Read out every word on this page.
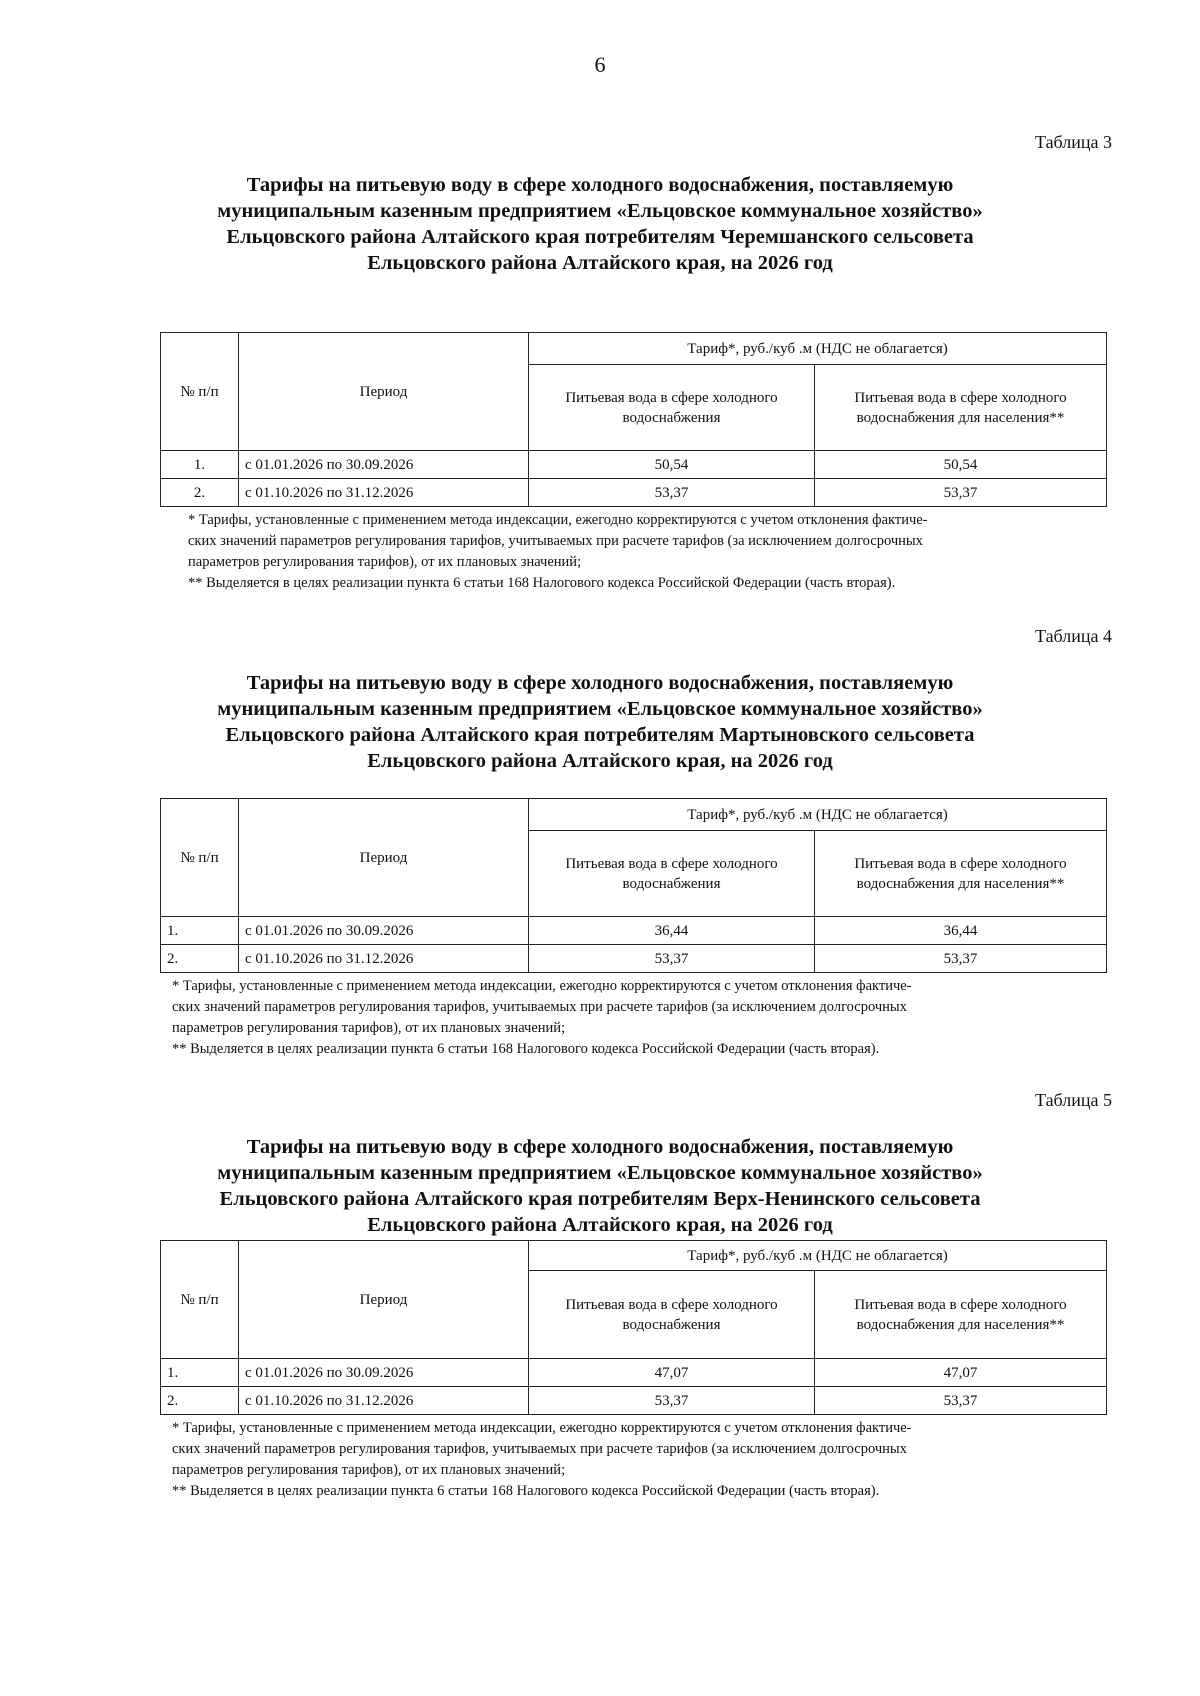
6
Таблица 3
Тарифы на питьевую воду в сфере холодного водоснабжения, поставляемую
муниципальным казенным предприятием «Ельцовское коммунальное хозяйство»
Ельцовского района Алтайского края потребителям Черемшанского сельсовета
Ельцовского района Алтайского края, на 2026 год
№ п/п	Период	Тариф*, руб./куб .м (НДС не облагается)	
		Питьевая вода в сфере холодного водоснабжения	Питьевая вода в сфере холодного водоснабжения для населения**
1.	с 01.01.2026 по 30.09.2026	50,54	50,54
2.	с 01.10.2026 по 31.12.2026	53,37	53,37
* Тарифы, установленные с применением метода индексации, ежегодно корректируются с учетом отклонения фактиче-
ских значений параметров регулирования тарифов, учитываемых при расчете тарифов (за исключением долгосрочных
параметров регулирования тарифов), от их плановых значений;
** Выделяется в целях реализации пункта 6 статьи 168 Налогового кодекса Российской Федерации (часть вторая).
Таблица 4
Тарифы на питьевую воду в сфере холодного водоснабжения, поставляемую
муниципальным казенным предприятием «Ельцовское коммунальное хозяйство»
Ельцовского района Алтайского края потребителям Мартыновского сельсовета
Ельцовского района Алтайского края, на 2026 год
№ п/п	Период	Тариф*, руб./куб .м (НДС не облагается)	
		Питьевая вода в сфере холодного водоснабжения	Питьевая вода в сфере холодного водоснабжения для населения**
1.	с 01.01.2026 по 30.09.2026	36,44	36,44
2.	с 01.10.2026 по 31.12.2026	53,37	53,37
* Тарифы, установленные с применением метода индексации, ежегодно корректируются с учетом отклонения фактиче-
ских значений параметров регулирования тарифов, учитываемых при расчете тарифов (за исключением долгосрочных
параметров регулирования тарифов), от их плановых значений;
** Выделяется в целях реализации пункта 6 статьи 168 Налогового кодекса Российской Федерации (часть вторая).
Таблица 5
Тарифы на питьевую воду в сфере холодного водоснабжения, поставляемую
муниципальным казенным предприятием «Ельцовское коммунальное хозяйство»
Ельцовского района Алтайского края потребителям Верх-Ненинского сельсовета
Ельцовского района Алтайского края, на 2026 год
№ п/п	Период	Тариф*, руб./куб .м (НДС не облагается)	
		Питьевая вода в сфере холодного водоснабжения	Питьевая вода в сфере холодного водоснабжения для населения**
1.	с 01.01.2026 по 30.09.2026	47,07	47,07
2.	с 01.10.2026 по 31.12.2026	53,37	53,37
* Тарифы, установленные с применением метода индексации, ежегодно корректируются с учетом отклонения фактиче-
ских значений параметров регулирования тарифов, учитываемых при расчете тарифов (за исключением долгосрочных
параметров регулирования тарифов), от их плановых значений;
** Выделяется в целях реализации пункта 6 статьи 168 Налогового кодекса Российской Федерации (часть вторая).
